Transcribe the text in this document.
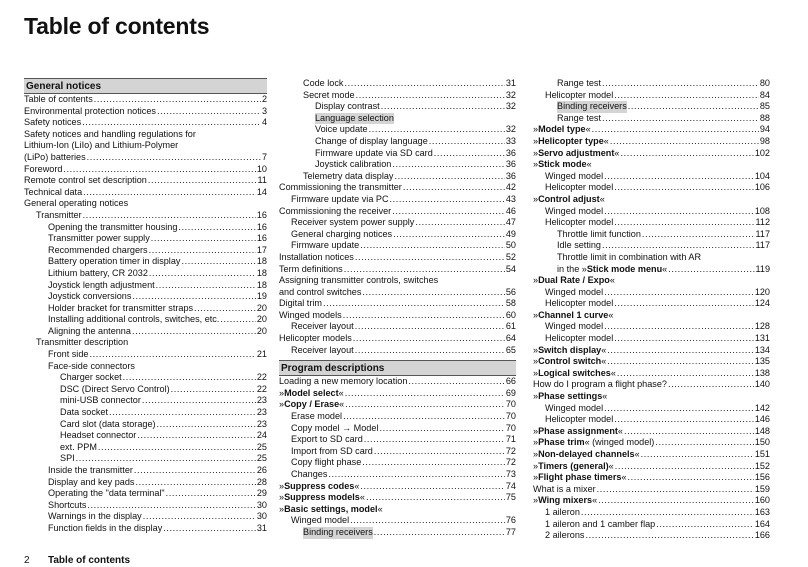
Table of contents
General notices
Table of contents .....	2
Environmental protection notices .....	3
Safety notices .....	4
Safety notices and handling regulations for
Lithium-Ion (LiIo) and Lithium-Polymer
(LiPo) batteries .....	7
Foreword .....	10
Remote control set description .....	11
Technical data .....	14
General operating notices
Transmitter .....	16
Opening the transmitter housing .....	16
Transmitter power supply .....	16
Recommended chargers .....	17
Battery operation timer in display .....	18
Lithium battery, CR 2032 .....	18
Joystick length adjustment .....	18
Joystick conversions .....	19
Holder bracket for transmitter straps .....	20
Installing additional controls, switches, etc. .....	20
Aligning the antenna .....	20
Transmitter description
Front side .....	21
Face-side connectors
Charger socket .....	22
DSC (Direct Servo Control) .....	22
mini-USB connector .....	23
Data socket .....	23
Card slot (data storage) .....	23
Headset connector .....	24
ext. PPM .....	25
SPI .....	25
Inside the transmitter .....	26
Display and key pads .....	28
Operating the "data terminal" .....	29
Shortcuts .....	30
Warnings in the display .....	30
Function fields in the display .....	31
Code lock .....	31
Secret mode .....	32
Display contrast .....	32
Language selection
Voice update .....	32
Change of display language .....	33
Firmware update via SD card .....	36
Joystick calibration .....	36
Telemetry data display .....	36
Commissioning the transmitter .....	42
Firmware update via PC .....	43
Commissioning the receiver .....	46
Receiver system power supply .....	47
General charging notices .....	49
Firmware update .....	50
Installation notices .....	52
Term definitions .....	54
Assigning transmitter controls, switches
and control switches .....	56
Digital trim .....	58
Winged models .....	60
Receiver layout .....	61
Helicopter models .....	64
Receiver layout .....	65
Program descriptions
Loading a new memory location .....	66
»Model select« .....	69
»Copy / Erase« .....	70
Erase model .....	70
Copy model → Model .....	70
Export to SD card .....	71
Import from SD card .....	72
Copy flight phase .....	72
Changes .....	73
»Suppress codes« .....	74
»Suppress models« .....	75
»Basic settings, model«
Winged model .....	76
Binding receivers .....	77
Range test .....	80
Helicopter model .....	84
Binding receivers .....	85
Range test .....	88
»Model type« .....	94
»Helicopter type« .....	98
»Servo adjustment« .....	102
»Stick mode«
Winged model .....	104
Helicopter model .....	106
»Control adjust«
Winged model .....	108
Helicopter model .....	112
Throttle limit function .....	117
Idle setting .....	117
Throttle limit in combination with AR
in the »Stick mode menu« .....	119
»Dual Rate / Expo«
Winged model .....	120
Helicopter model .....	124
»Channel 1 curve«
Winged model .....	128
Helicopter model .....	131
»Switch display« .....	134
»Control switch« .....	135
»Logical switches« .....	138
How do I program a flight phase? .....	140
»Phase settings«
Winged model .....	142
Helicopter model .....	146
»Phase assignment« .....	148
»Phase trim« (winged model) .....	150
»Non-delayed channels« .....	151
»Timers (general)« .....	152
»Flight phase timers« .....	156
What is a mixer .....	159
»Wing mixers« .....	160
1 aileron .....	163
1 aileron and 1 camber flap .....	164
2 ailerons .....	166
2 Table of contents
